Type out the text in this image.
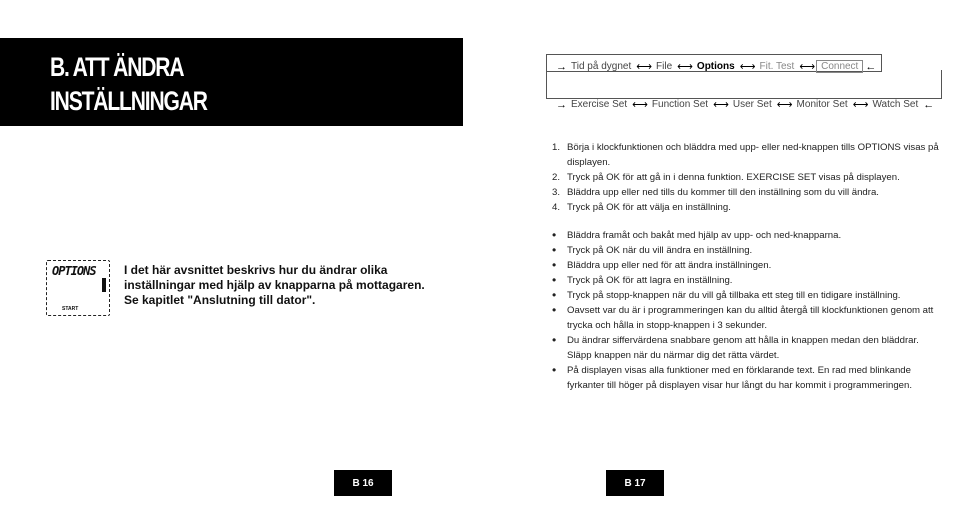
B. ATT ÄNDRA
INSTÄLLNINGAR
→ Tid på dygnet ⟷ File ⟷ Options ⟷ Fit. Test ⟷ Connect ←
→ Exercise Set ⟷ Function Set ⟷ User Set ⟷ Monitor Set ⟷ Watch Set ←
OPTIONS
START
I det här avsnittet beskrivs hur du ändrar olika inställningar med hjälp av knapparna på mottagaren. Se kapitlet "Anslutning till dator".
1. Börja i klockfunktionen och bläddra med upp- eller ned-knappen tills OPTIONS visas på displayen.
2. Tryck på OK för att gå in i denna funktion. EXERCISE SET visas på displayen.
3. Bläddra upp eller ned tills du kommer till den inställning som du vill ändra.
4. Tryck på OK för att välja en inställning.
•	Bläddra framåt och bakåt med hjälp av upp- och ned-knapparna.
•	Tryck på OK när du vill ändra en inställning.
•	Bläddra upp eller ned för att ändra inställningen.
•	Tryck på OK för att lagra en inställning.
•	Tryck på stopp-knappen när du vill gå tillbaka ett steg till en tidigare inställning.
•	Oavsett var du är i programmeringen kan du alltid återgå till klockfunktionen genom att trycka och hålla in stopp-knappen i 3 sekunder.
•	Du ändrar siffervärdena snabbare genom att hålla in knappen medan den bläddrar. Släpp knappen när du närmar dig det rätta värdet.
•	På displayen visas alla funktioner med en förklarande text. En rad med blinkande fyrkanter till höger på displayen visar hur långt du har kommit i programmeringen.
B 16	B 17
